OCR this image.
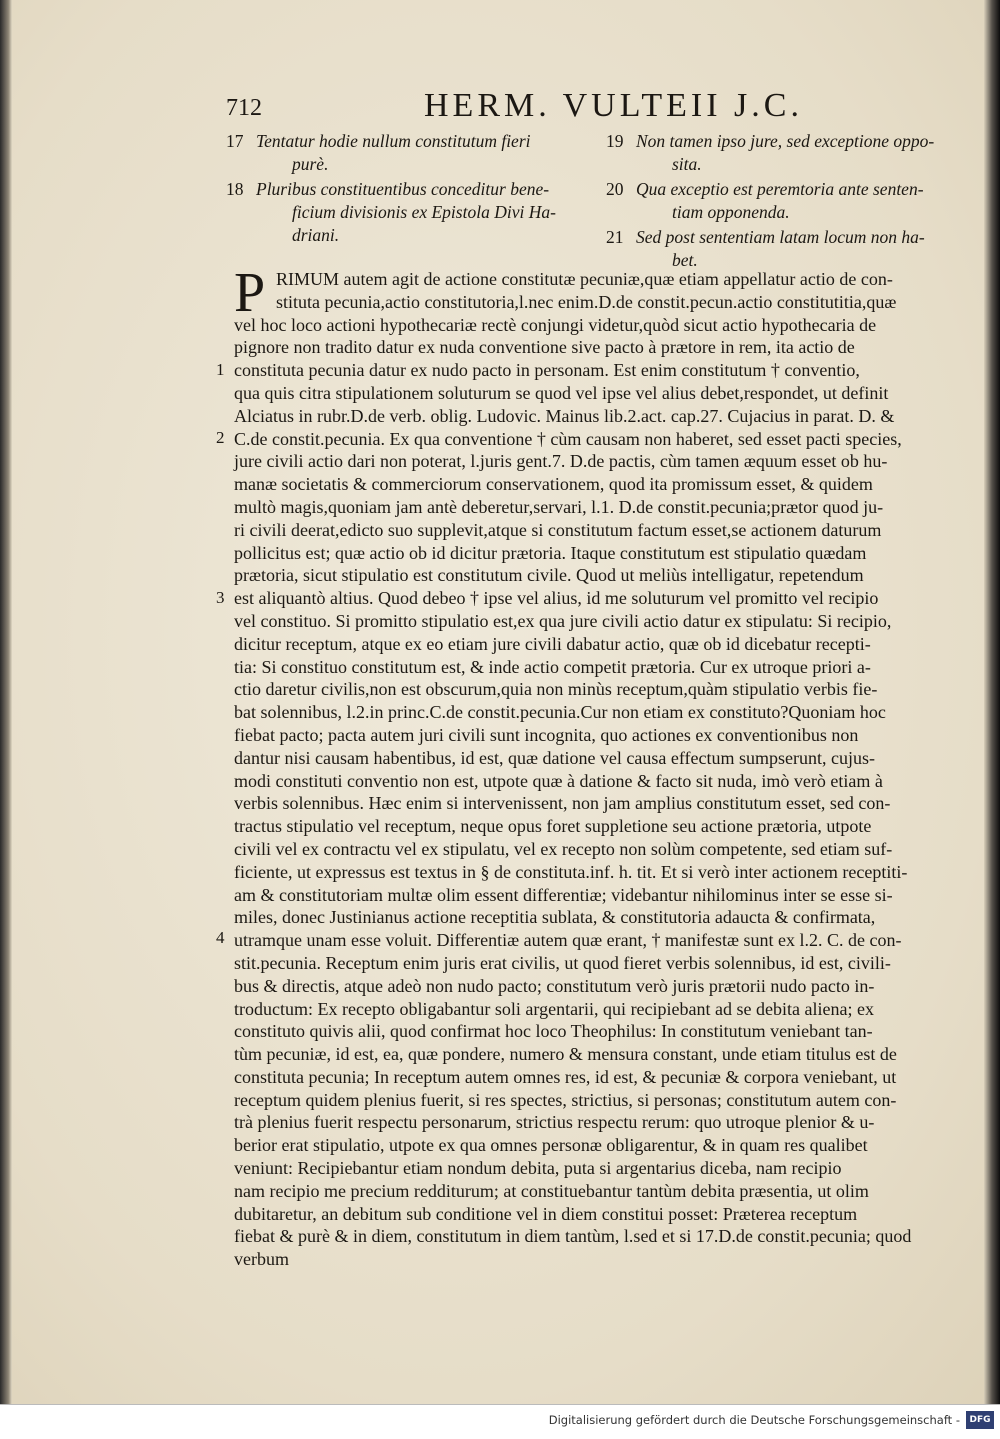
712	HERM. VULTEII J.C.
17 Tentatur hodie nullum constitutum fieri
purè.
18 Pluribus constituentibus conceditur bene-
ficium divisionis ex Epistola Divi Ha-
driani.
19 Non tamen ipso jure, sed exceptione oppo-
sita.
20 Qua exceptio est peremtoria ante senten-
tiam opponenda.
21 Sed post sententiam latam locum non ha-
bet.
P RIMUM autem agit de actione constitutæ pecuniæ,quæ etiam appellatur actio de con-
stituta pecunia,actio constitutoria,l.nec enim.D.de constit.pecun.actio constitutitia,quæ
vel hoc loco actioni hypothecariæ rectè conjungi videtur,quòd sicut actio hypothecaria de
pignore non tradito datur ex nuda conventione sive pacto à prætore in rem, ita actio de
constituta pecunia datur ex nudo pacto in personam. Est enim constitutum † conventio,
qua quis citra stipulationem soluturum se quod vel ipse vel alius debet,respondet, ut definit
Alciatus in rubr.D.de verb. oblig. Ludovic. Mainus lib.2.act. cap.27. Cujacius in parat. D. &
C.de constit.pecunia. Ex qua conventione † cùm causam non haberet, sed esset pacti species,
jure civili actio dari non poterat, l.juris gent.7. D.de pactis, cùm tamen æquum esset ob hu-
manæ societatis & commerciorum conservationem, quod ita promissum esset, & quidem
multò magis,quoniam jam antè deberetur,servari, l.1. D.de constit.pecunia;prætor quod ju-
ri civili deerat,edicto suo supplevit,atque si constitutum factum esset,se actionem daturum
pollicitus est; quæ actio ob id dicitur prætoria. Itaque constitutum est stipulatio quædam
prætoria, sicut stipulatio est constitutum civile. Quod ut meliùs intelligatur, repetendum
est aliquantò altius. Quod debeo † ipse vel alius, id me soluturum vel promitto vel recipio
vel constituo. Si promitto stipulatio est,ex qua jure civili actio datur ex stipulatu: Si recipio,
dicitur receptum, atque ex eo etiam jure civili dabatur actio, quæ ob id dicebatur recepti-
tia: Si constituo constitutum est, & inde actio competit prætoria. Cur ex utroque priori a-
ctio daretur civilis,non est obscurum,quia non minùs receptum,quàm stipulatio verbis fie-
bat solennibus, l.2.in princ.C.de constit.pecunia.Cur non etiam ex constituto?Quoniam hoc
fiebat pacto; pacta autem juri civili sunt incognita, quo actiones ex conventionibus non
dantur nisi causam habentibus, id est, quæ datione vel causa effectum sumpserunt, cujus-
modi constituti conventio non est, utpote quæ à datione & facto sit nuda, imò verò etiam à
verbis solennibus. Hæc enim si intervenissent, non jam amplius constitutum esset, sed con-
tractus stipulatio vel receptum, neque opus foret suppletione seu actione prætoria, utpote
civili vel ex contractu vel ex stipulatu, vel ex recepto non solùm competente, sed etiam suf-
ficiente, ut expressus est textus in § de constituta.inf. h. tit. Et si verò inter actionem receptiti-
am & constitutoriam multæ olim essent differentiæ; videbantur nihilominus inter se esse si-
miles, donec Justinianus actione receptitia sublata, & constitutoria adaucta & confirmata,
utramque unam esse voluit. Differentiæ autem quæ erant, † manifestæ sunt ex l.2. C. de con-
stit.pecunia. Receptum enim juris erat civilis, ut quod fieret verbis solennibus, id est, civili-
bus & directis, atque adeò non nudo pacto; constitutum verò juris prætorii nudo pacto in-
troductum: Ex recepto obligabantur soli argentarii, qui recipiebant ad se debita aliena; ex
constituto quivis alii, quod confirmat hoc loco Theophilus: In constitutum veniebant tan-
tùm pecuniæ, id est, ea, quæ pondere, numero & mensura constant, unde etiam titulus est de
constituta pecunia; In receptum autem omnes res, id est, & pecuniæ & corpora veniebant, ut
receptum quidem plenius fuerit, si res spectes, strictius, si personas; constitutum autem con-
trà plenius fuerit respectu personarum, strictius respectu rerum: quo utroque plenior & u-
berior erat stipulatio, utpote ex qua omnes personæ obligarentur, & in quam res qualibet
veniunt: Recipiebantur etiam nondum debita, puta si argentarius diceba, nam recipio
nam recipio me precium redditurum; at constituebantur tantùm debita præsentia, ut olim
dubitaretur, an debitum sub conditione vel in diem constitui posset: Præterea receptum
fiebat & purè & in diem, constitutum in diem tantùm, l.sed et si 17.D.de constit.pecunia; quod
verbum
1
2
3
4
Digitalisierung gefördert durch die Deutsche Forschungsgemeinschaft -	DFG
